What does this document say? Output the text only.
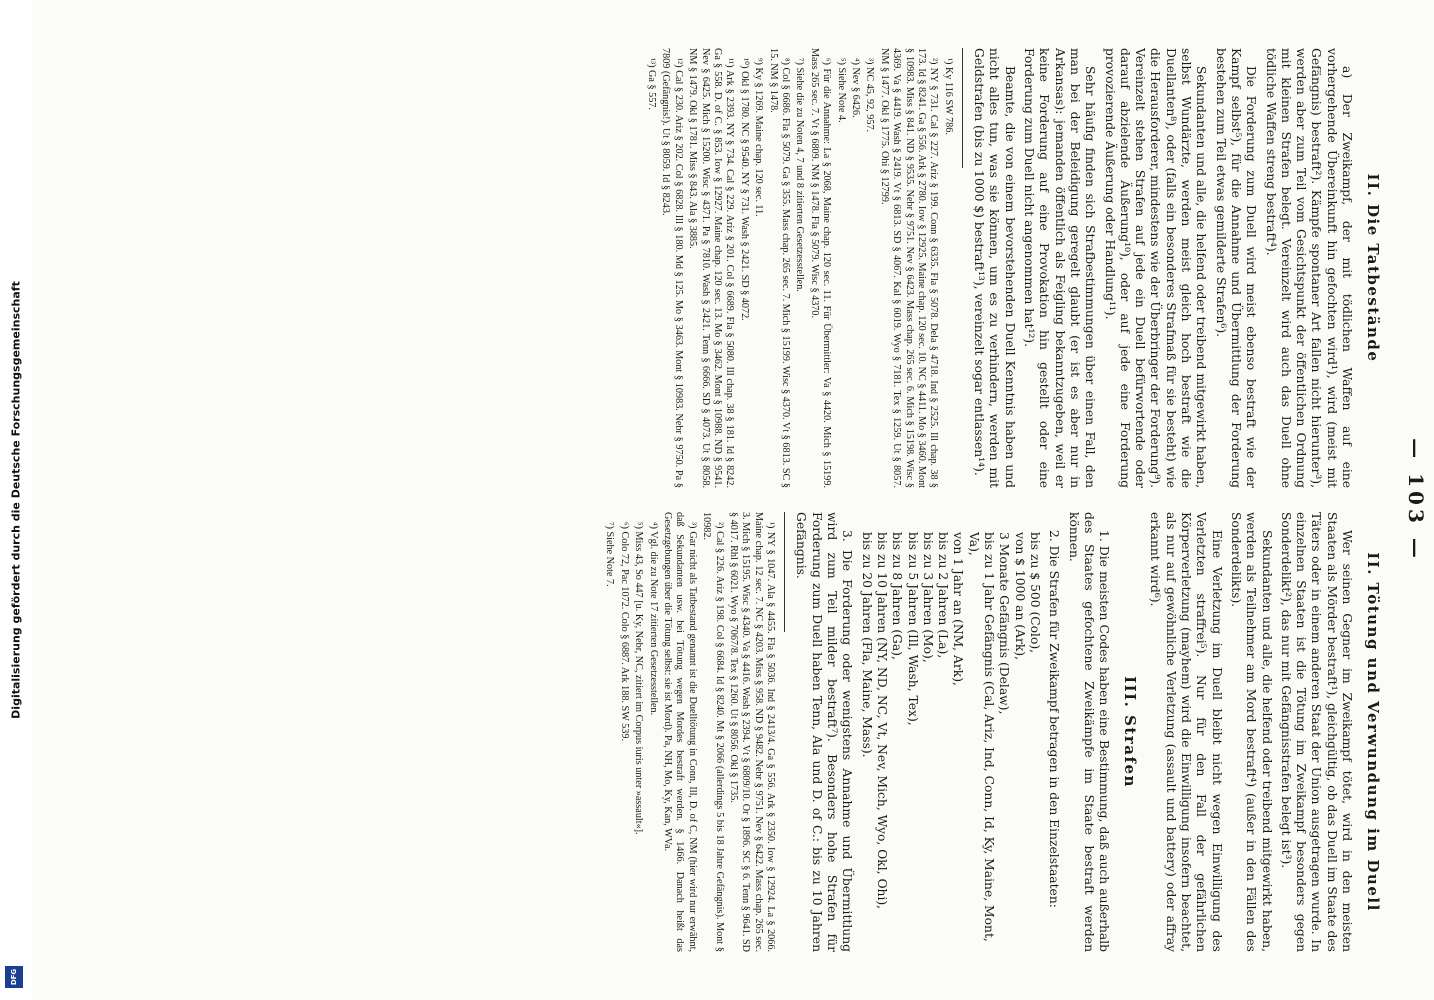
— 103 —
II. Die Tatbestände

a) Der Zweikampf, der mit tödlichen Waffen auf eine vorhergehende Übereinkunft hin gefochten wird¹), wird (meist mit Gefängnis) bestraft²). Kämpfe spontaner Art fallen nicht hierunter³), werden aber zum Teil vom Gesichtspunkt der öffentlichen Ordnung mit kleinen Strafen belegt. Vereinzelt wird auch das Duell ohne tödliche Waffen streng bestraft⁴).

Die Forderung zum Duell wird meist ebenso bestraft wie der Kampf selbst⁵), für die Annahme und Übermittlung der Forderung bestehen zum Teil etwas gemilderte Strafen⁶).

Sekundanten und alle, die helfend oder treibend mitgewirkt haben, selbst Wundärzte, werden meist gleich hoch bestraft wie die Duellanten⁸), oder (falls ein besonderes Strafmaß für sie besteht) wie die Herausforderer, mindestens wie der Überbringer der Forderung⁹). Vereinzelt stehen Strafen auf jede ein Duell befürwortende oder darauf abzielende Äußerung¹⁰), oder auf jede eine Forderung provozierende Äußerung oder Handlung¹¹).

Sehr häufig finden sich Strafbestimmungen über einen Fall, den man bei der Beleidigung geregelt glaubt (er ist es aber nur in Arkansas): jemanden öffentlich als Feigling bekanntzugeben, weil er keine Forderung auf eine Provokation hin gestellt oder eine Forderung zum Duell nicht angenommen hat¹²).

Beamte, die von einem bevorstehenden Duell Kenntnis haben und nicht alles tun, was sie können, um es zu verhindern, werden mit Geldstrafen (bis zu 1000 $) bestraft¹³), vereinzelt sogar entlassen¹⁴).

¹) Ky 116 SW 786.

²) NY § 731. Cal § 227. Ariz § 199. Conn § 6335. Fla § 5078. Dela § 4718. Ind § 2525. Ill chap. 38 § 173. Id § 8241. Ga § 556. Ark § 2780. Iow § 12925. Maine chap. 120 sec. 10. NC § 4411. Mo § 3460. Mont § 10983. Miss § 841. ND § 9535. Nebr § 9751. Nev § 6423. Mass chap. 265 sec. 6. Mich § 15198. Wisc § 4369. Va § 4419. Wash § 2419. Vt § 6813. SD § 4067. Kal § 6019. Wyo § 7181. Tex § 1259. Ut § 8057. NM § 1477. Okl § 1775. Ohi § 12799.

³) NC 45, 92, 957.

⁴) Nev § 6426.

⁵) Siehe Note 4.

⁶) Für die Annahme: La § 2068, Maine chap. 120 sec. 11. Für Übermittler: Va § 4420. Mich § 15199. Mass 265 sec. 7. Vt § 6809. NM § 1478. Fla § 5079. Wisc § 4370.

⁷) Siehe die zu Noten 4, 7 und 8 zitierten Gesetzesstellen.

⁸) Col § 6686. Fla § 5079. Ga § 355. Mass chap. 265 sec. 7. Mich § 15199. Wisc § 4370. Vt § 6813. SC § 15. NM § 1478.

⁹) Ky § 1269. Maine chap. 120 sec. 11.

¹⁰) Okl § 1780. NC § 9540. NY § 731. Wash § 2421. SD § 4072.

¹¹) Ark § 2393. NY § 734. Cal § 229. Ariz § 201. Col § 6689. Fla § 5080. Ill chap. 38 § 181. Id § 8242. Ga § 558. D. of C. § 853. Iow § 12927. Maine chap. 120 sec. 13. Mo § 3462. Mont § 10988. ND § 9541. Nev § 6425. Mich § 15200. Wisc § 4371. Pa § 7810. Wash § 2421. Tenn § 6666. SD § 4073. Ut § 8058. NM § 1479. Okl § 1781. Miss § 843. Ala § 3885.

¹²) Cal § 230. Ariz § 202. Col § 6828. Ill § 180. Md § 125. Mo § 3463. Mont § 10983. Nebr § 9750. Pa § 7809 (Gefängnis!). Ut § 8059. Id § 8243.

¹³) Ga § 557.

II. Tötung und Verwundung im Duell

Wer seinen Gegner im Zweikampf tötet, wird in den meisten Staaten als Mörder bestraft¹), gleichgültig, ob das Duell im Staate des Täters oder in einem anderen Staat der Union ausgetragen wurde. In einzelnen Staaten ist die Tötung im Zweikampf besonders gegen Sonderdelikt²), das nur mit Gefängnisstrafen belegt ist³).

Sekundanten und alle, die helfend oder treibend mitgewirkt haben, werden als Teilnehmer am Mord bestraft⁴) (außer in den Fällen des Sonderdelikts).

Eine Verletzung im Duell bleibt nicht wegen Einwilligung des Verletzten straffrei⁵). Nur für den Fall der gefährlichen Körperverletzung (mayhem) wird die Einwilligung insofern beachtet, als nur auf gewöhnliche Verletzung (assault und battery) oder affray erkannt wird⁶).

III. Strafen

1. Die meisten Codes haben eine Bestimmung, daß auch außerhalb des Staates gefochtene Zweikämpfe im Staate bestraft werden können.

2. Die Strafen für Zweikampf betragen in den Einzelstaaten:

bis zu $ 500 (Colo),
von $ 1000 an (Ark),
3 Monate Gefängnis (Delaw),
bis zu 1 Jahr Gefängnis (Cal, Ariz, Ind, Conn, Id, Ky, Maine, Mont, Va),
von 1 Jahr an (NM, Ark),
bis zu 2 Jahren (La),
bis zu 3 Jahren (Mo),
bis zu 5 Jahren (Ill, Wash, Tex),
bis zu 8 Jahren (Ga),
bis zu 10 Jahren (NY, ND, NC, Vt, Nev, Mich, Wyo, Okl, Ohi),
bis zu 20 Jahren (Fla, Maine, Mass).

3. Die Forderung oder wenigstens Annahme und Übermittlung wird zum Teil milder bestraft⁷). Besonders hohe Strafen für Forderung zum Duell haben Tenn, Ala und D. of C.: bis zu 10 Jahren Gefängnis.

¹) NY § 1047. Ala § 4455. Fla § 5036. Ind § 2413/4. Ga § 556. Ark § 2350. Iow § 12924. La § 2066. Maine chap. 12 sec. 7. NC § 4203. Miss § 958. ND § 9482. Nebr § 9751. Nev § 6422. Mass chap. 265 sec. 3. Mich § 15195. Wisc § 4340. Va § 4416. Wash § 2394. Vt § 6809/10. Or § 1896. SC § 6. Tenn § 9641. SD § 4017. Rhl § 6021. Wyo § 7067/8. Tex § 1260. Ut § 8056. Okl § 1735.

²) Cal § 226. Ariz § 198. Col § 6684. Id § 8240. Mt § 2066 (allerdings 5 bis 18 Jahre Gefängnis). Mont § 10982.

³) Gar nicht als Tatbestand genannt ist die Duelltötung in Conn, Ill, D. of C, NM (hier wird nur erwähnt, daß Sekundanten usw. bei Tötung wegen Mordes bestraft werden. § 1466. Danach heißt das Gesetzgebungen über die Tötung selbst: sie ist Mord). Pa, NH, Mo, Ky, Kan, WVa.

⁴) Vgl. die zu Note 17 zitierten Gesetzesstellen.

⁵) Miss 43, So 447 [u. Ky, Nebr, NC, zitiert im Corpus iuris unter »assault«].

⁶) Colo 72, Pac 1072. Colo § 6887. Ark 188. SW 539.

⁷) Siehe Note 7.

Digitalisierung gefördert durch die Deutsche Forschungsgemeinschaft
DFG
